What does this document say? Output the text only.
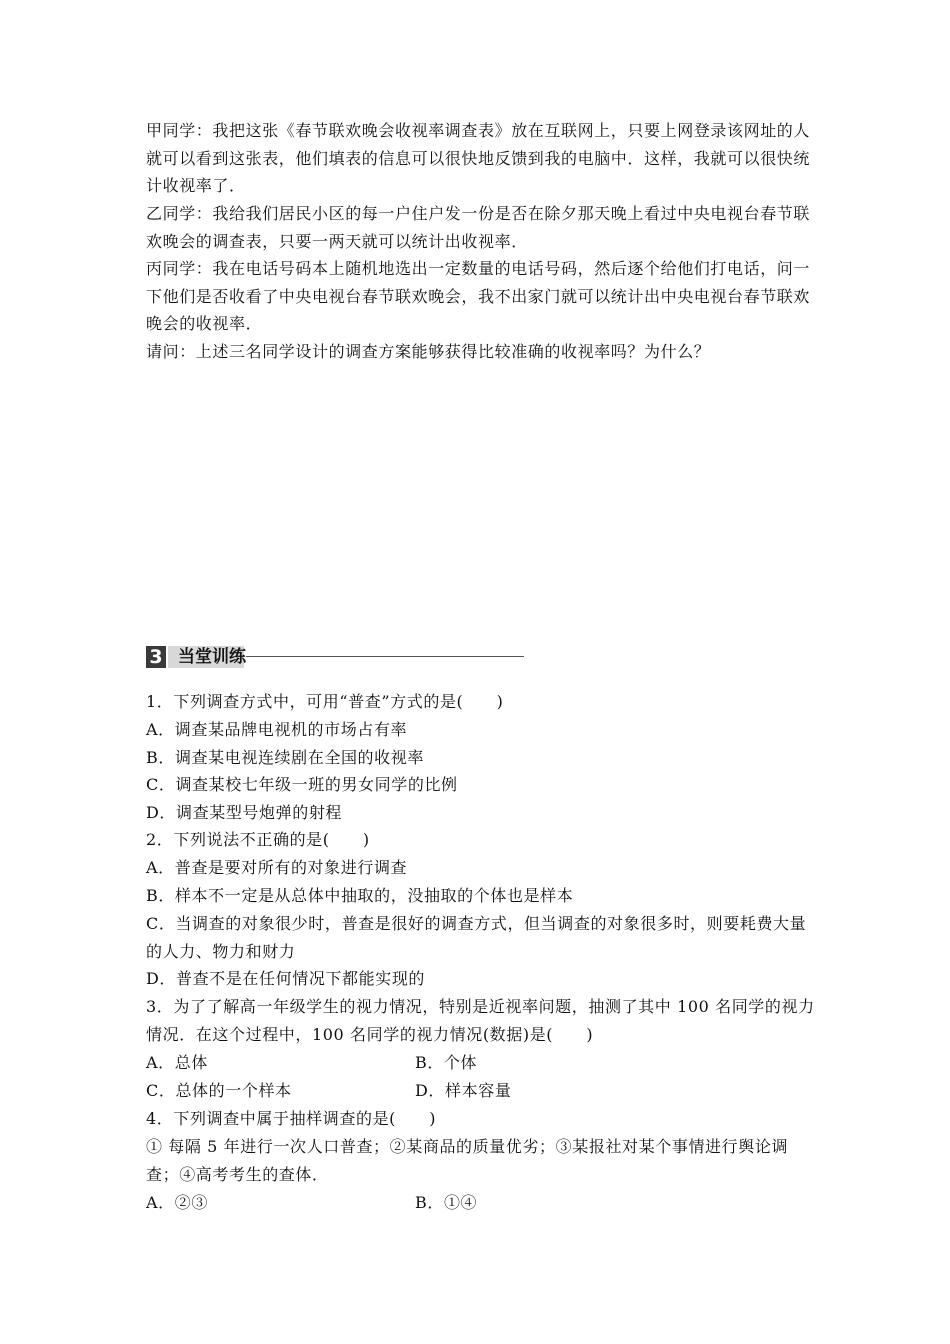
甲同学：我把这张《春节联欢晚会收视率调查表》放在互联网上，只要上网登录该网址的人就可以看到这张表，他们填表的信息可以很快地反馈到我的电脑中．这样，我就可以很快统计收视率了．

乙同学：我给我们居民小区的每一户住户发一份是否在除夕那天晚上看过中央电视台春节联欢晚会的调查表，只要一两天就可以统计出收视率．

丙同学：我在电话号码本上随机地选出一定数量的电话号码，然后逐个给他们打电话，问一下他们是否收看了中央电视台春节联欢晚会，我不出家门就可以统计出中央电视台春节联欢晚会的收视率．

请问：上述三名同学设计的调查方案能够获得比较准确的收视率吗？为什么？

3 当堂训练
1．下列调查方式中，可用“普查”方式的是(　　)
A．调查某品牌电视机的市场占有率
B．调查某电视连续剧在全国的收视率
C．调查某校七年级一班的男女同学的比例
D．调查某型号炮弹的射程
2．下列说法不正确的是(　　)
A．普查是要对所有的对象进行调查
B．样本不一定是从总体中抽取的，没抽取的个体也是样本
C．当调查的对象很少时，普查是很好的调查方式，但当调查的对象很多时，则要耗费大量的人力、物力和财力
D．普查不是在任何情况下都能实现的
3．为了了解高一年级学生的视力情况，特别是近视率问题，抽测了其中 100 名同学的视力情况．在这个过程中，100 名同学的视力情况(数据)是(　　)
A．总体	B．个体
C．总体的一个样本	D．样本容量
4．下列调查中属于抽样调查的是(　　)
① 每隔 5 年进行一次人口普查；②某商品的质量优劣；③某报社对某个事情进行舆论调查；④高考考生的查体．
A．②③	B．①④
